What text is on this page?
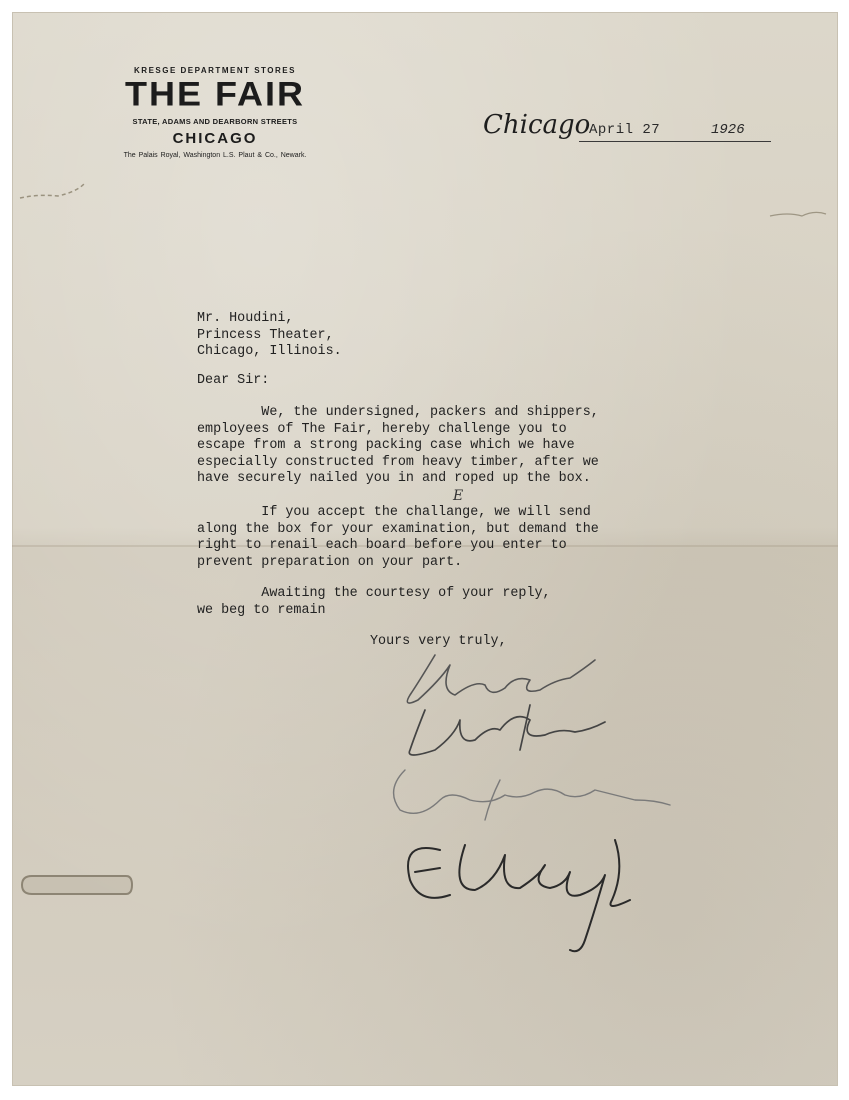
KRESGE DEPARTMENT STORES
THE FAIR
STATE, ADAMS AND DEARBORN STREETS
CHICAGO
The Palais Royal, Washington L.S. Plaut & Co., Newark.
Chicago
April 27	1926
Mr. Houdini,
Princess Theater,
Chicago, Illinois.
Dear Sir:
We, the undersigned, packers and shippers,
employees of The Fair, hereby challenge you to
escape from a strong packing case which we have
especially constructed from heavy timber, after we
have securely nailed you in and roped up the box.
E
If you accept the challange, we will send
along the box for your examination, but demand the
right to renail each board before you enter to
prevent preparation on your part.
Awaiting the courtesy of your reply,
we beg to remain
Yours very truly,
